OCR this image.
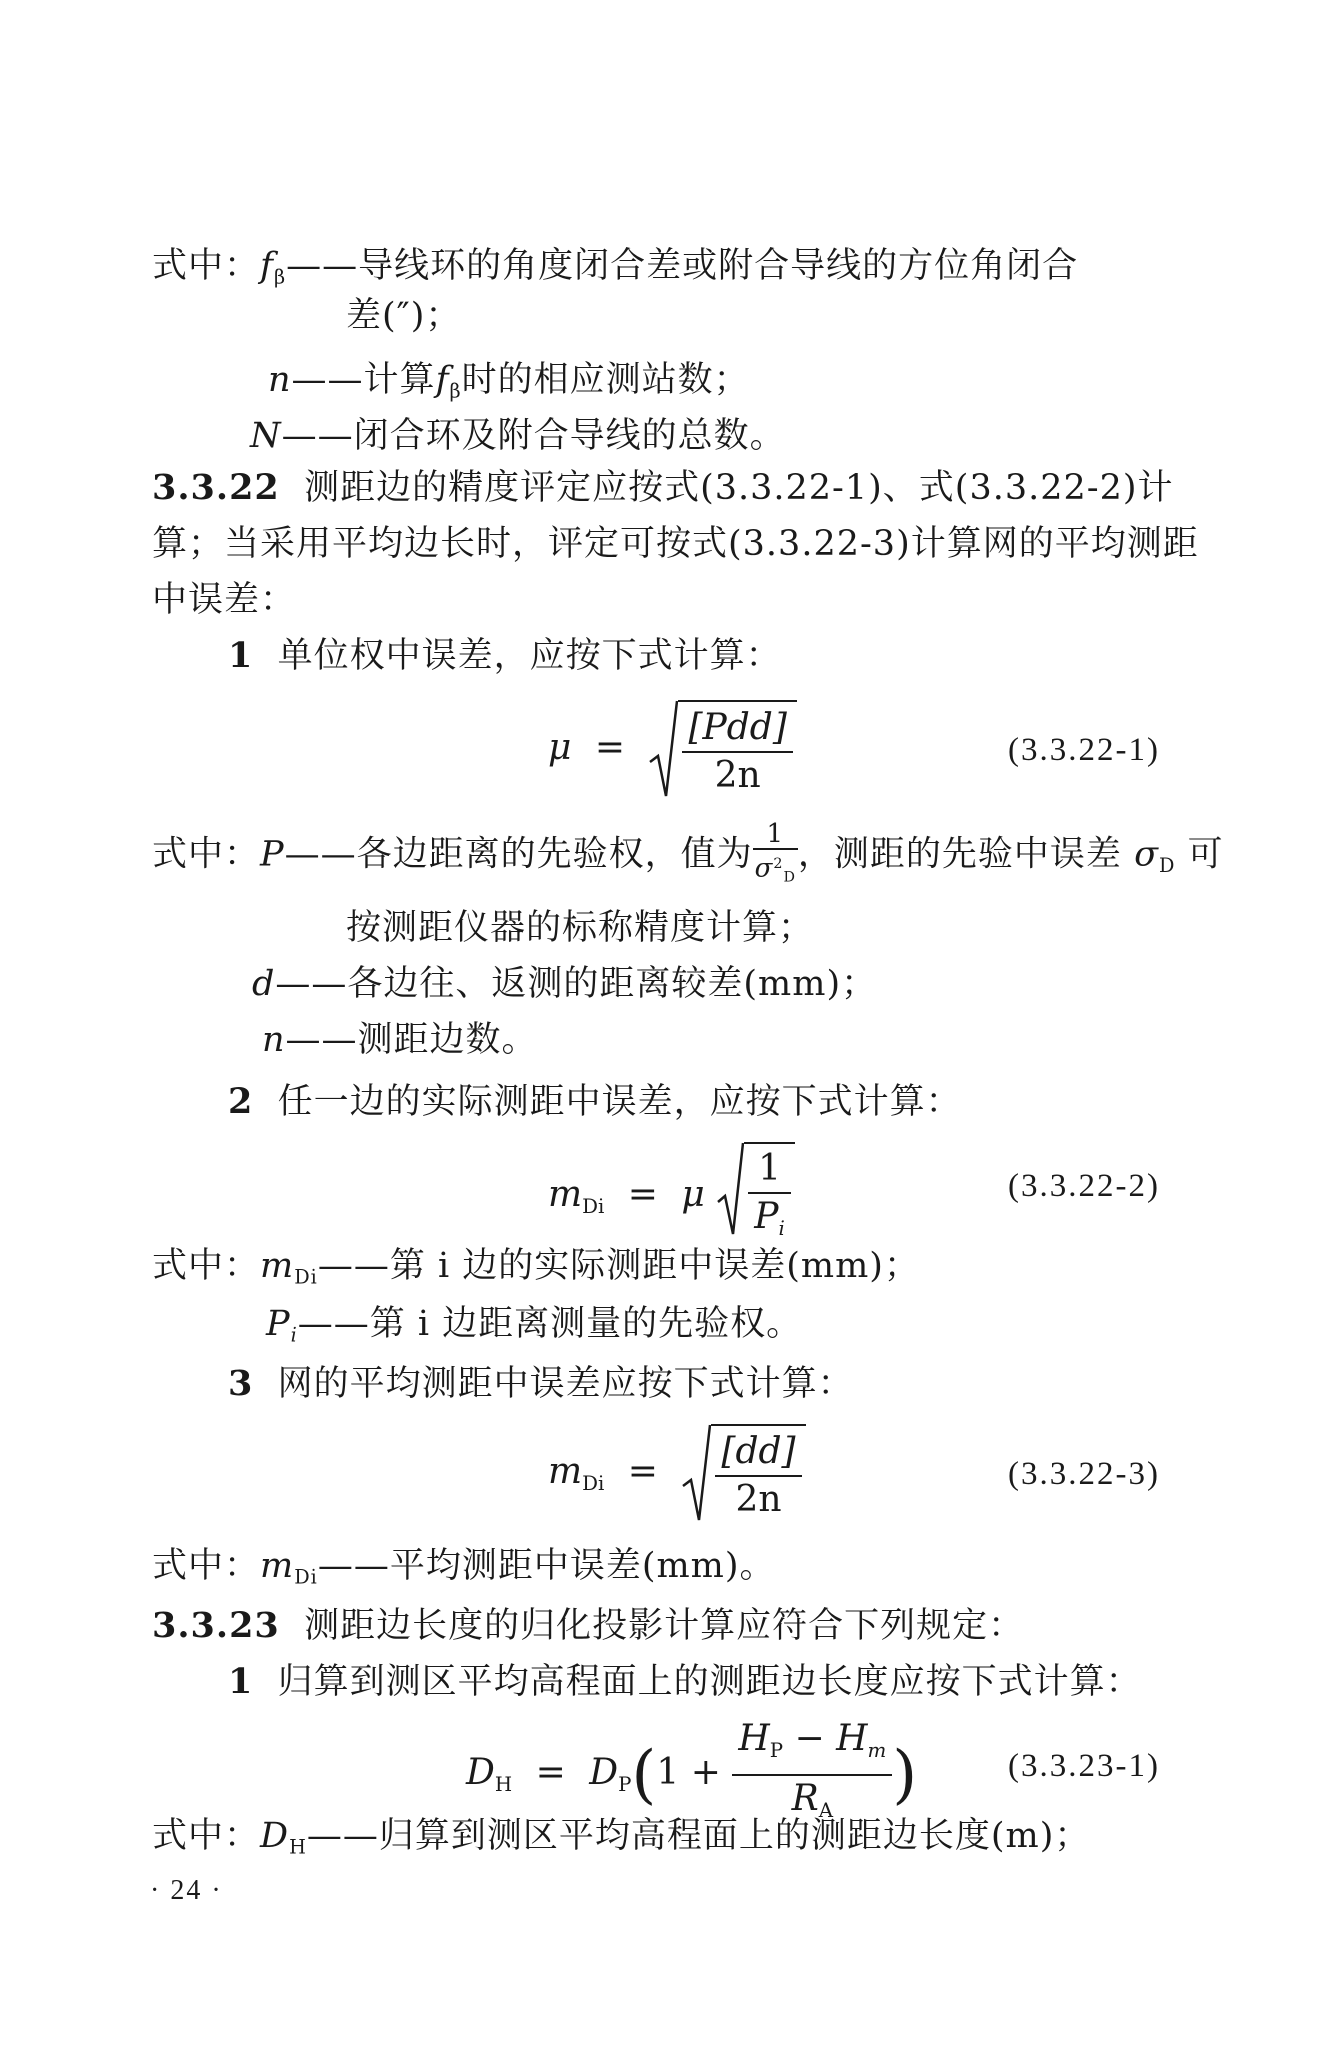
式中：$f_\beta——$导线环的角度闭合差或附合导线的方位角闭合
差(″)；
n——计算$f_\beta$时的相应测站数；
N——闭合环及附合导线的总数。
3.3.22 测距边的精度评定应按式(3.3.22-1)、式(3.3.22-2)计
算；当采用平均边长时，评定可按式(3.3.22-3)计算网的平均测距
中误差：
1 单位权中误差，应按下式计算：
$\mu = \frac{\text{[Pdd]}}{2n}$	(3.3.22-1)
式中：P——各边距离的先验权，值为 $\frac{1}{\sigma^2_D}$ ，测距的先验中误差 $\sigma_D$ 可
按测距仪器的标称精度计算；
d——各边往、返测的距离较差(mm)；
n——测距边数。
2 任一边的实际测距中误差，应按下式计算：
$m_{Di} = \mu \frac{1}{P_i}$	(3.3.22-2)
式中：$m_{Di}——$第 i 边的实际测距中误差(mm)；
$P_i——$第 i 边距离测量的先验权。
3 网的平均测距中误差应按下式计算：
$m_{Di} = \frac{[dd]}{2n}$	(3.3.22-3)
式中：$m_{Di}——$平均测距中误差(mm)。
3.3.23 测距边长度的归化投影计算应符合下列规定：
1 归算到测区平均高程面上的测距边长度应按下式计算：
$D_H = D_P(1 + \frac{H_P - H_m}{R_A}$ )	(3.3.23-1)
式中：$D_H——$归算到测区平均高程面上的测距边长度(m)；
· 24 ·
